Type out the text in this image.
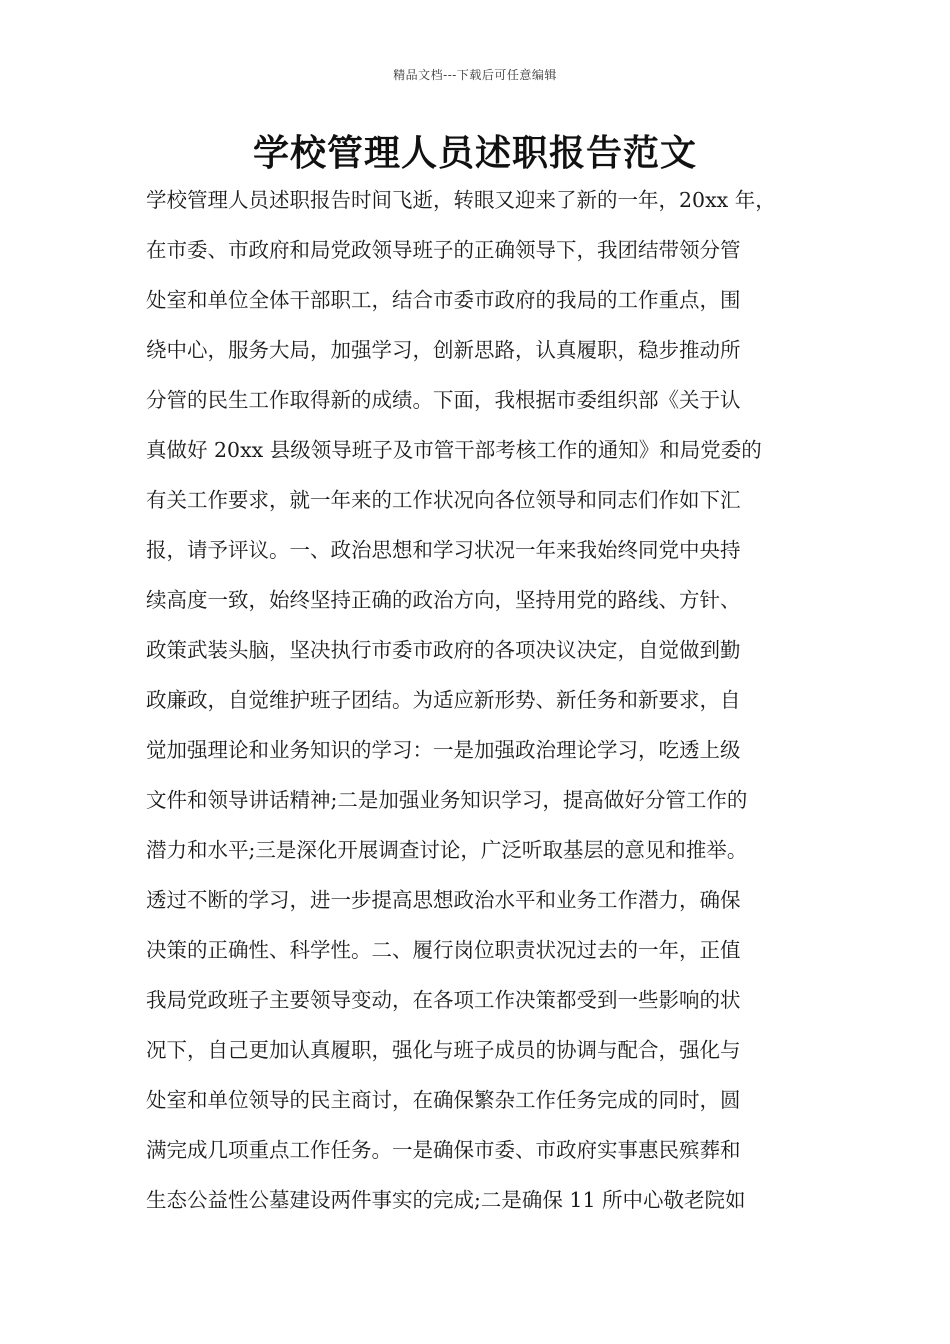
精品文档---下载后可任意编辑
学校管理人员述职报告范文
学校管理人员述职报告时间飞逝，转眼又迎来了新的一年，20xx 年，
在市委、市政府和局党政领导班子的正确领导下，我团结带领分管
处室和单位全体干部职工，结合市委市政府的我局的工作重点，围
绕中心，服务大局，加强学习，创新思路，认真履职，稳步推动所
分管的民生工作取得新的成绩。下面，我根据市委组织部《关于认
真做好 20xx 县级领导班子及市管干部考核工作的通知》和局党委的
有关工作要求，就一年来的工作状况向各位领导和同志们作如下汇
报，请予评议。一、政治思想和学习状况一年来我始终同党中央持
续高度一致，始终坚持正确的政治方向，坚持用党的路线、方针、
政策武装头脑，坚决执行市委市政府的各项决议决定，自觉做到勤
政廉政，自觉维护班子团结。为适应新形势、新任务和新要求，自
觉加强理论和业务知识的学习：一是加强政治理论学习，吃透上级
文件和领导讲话精神;二是加强业务知识学习，提高做好分管工作的
潜力和水平;三是深化开展调查讨论，广泛听取基层的意见和推举。
透过不断的学习，进一步提高思想政治水平和业务工作潜力，确保
决策的正确性、科学性。二、履行岗位职责状况过去的一年，正值
我局党政班子主要领导变动，在各项工作决策都受到一些影响的状
况下，自己更加认真履职，强化与班子成员的协调与配合，强化与
处室和单位领导的民主商讨，在确保繁杂工作任务完成的同时，圆
满完成几项重点工作任务。一是确保市委、市政府实事惠民殡葬和
生态公益性公墓建设两件事实的完成;二是确保 11 所中心敬老院如
